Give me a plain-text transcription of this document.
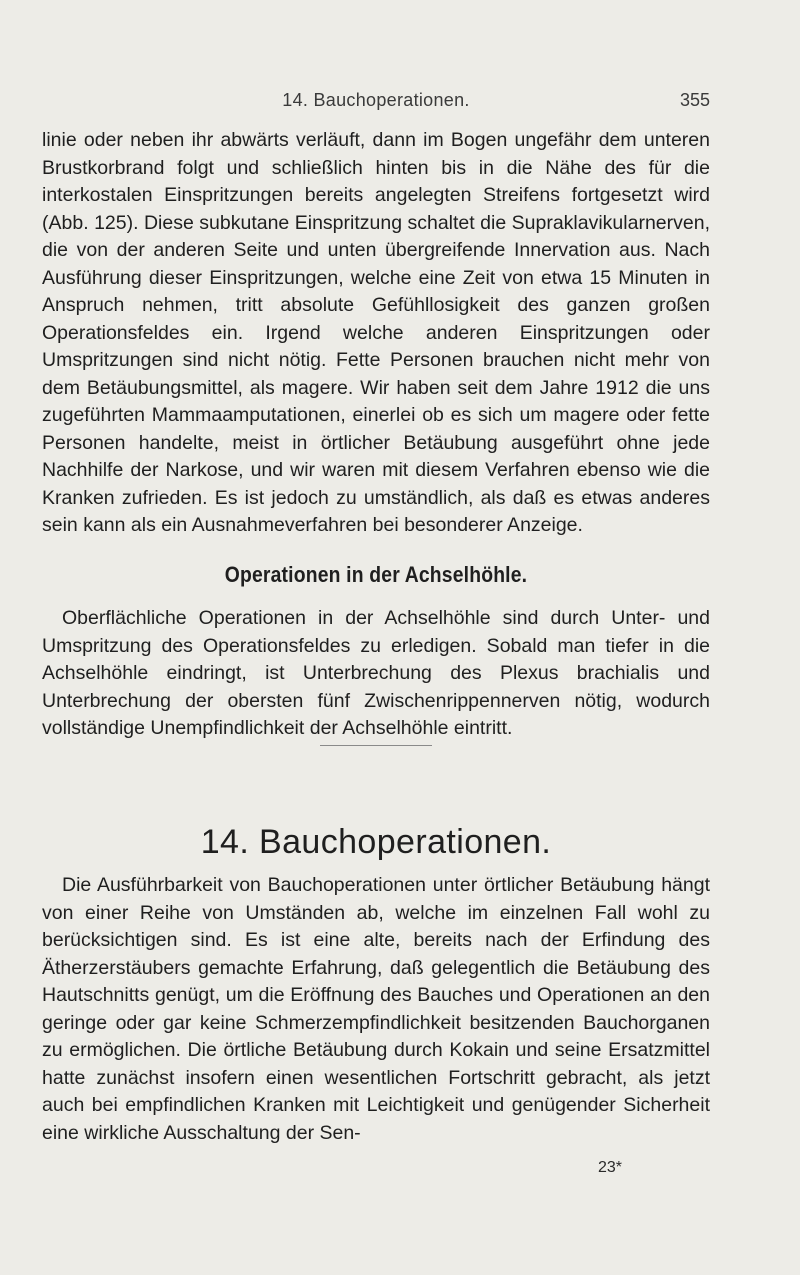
14. Bauchoperationen.	355

linie oder neben ihr abwärts verläuft, dann im Bogen ungefähr dem unteren Brustkorbrand folgt und schließlich hinten bis in die Nähe des für die interkostalen Einspritzungen bereits angelegten Streifens fortgesetzt wird (Abb. 125). Diese subkutane Einspritzung schaltet die Supraklavikularnerven, die von der anderen Seite und unten übergreifende Innervation aus. Nach Ausführung dieser Einspritzungen, welche eine Zeit von etwa 15 Minuten in Anspruch nehmen, tritt absolute Gefühllosigkeit des ganzen großen Operationsfeldes ein. Irgend welche anderen Einspritzungen oder Umspritzungen sind nicht nötig. Fette Personen brauchen nicht mehr von dem Betäubungsmittel, als magere. Wir haben seit dem Jahre 1912 die uns zugeführten Mammaamputationen, einerlei ob es sich um magere oder fette Personen handelte, meist in örtlicher Betäubung ausgeführt ohne jede Nachhilfe der Narkose, und wir waren mit diesem Verfahren ebenso wie die Kranken zufrieden. Es ist jedoch zu umständlich, als daß es etwas anderes sein kann als ein Ausnahmeverfahren bei besonderer Anzeige.

Operationen in der Achselhöhle.

Oberflächliche Operationen in der Achselhöhle sind durch Unter- und Umspritzung des Operationsfeldes zu erledigen. Sobald man tiefer in die Achselhöhle eindringt, ist Unterbrechung des Plexus brachialis und Unterbrechung der obersten fünf Zwischenrippennerven nötig, wodurch vollständige Unempfindlichkeit der Achselhöhle eintritt.

14. Bauchoperationen.

Die Ausführbarkeit von Bauchoperationen unter örtlicher Betäubung hängt von einer Reihe von Umständen ab, welche im einzelnen Fall wohl zu berücksichtigen sind. Es ist eine alte, bereits nach der Erfindung des Ätherzerstäubers gemachte Erfahrung, daß gelegentlich die Betäubung des Hautschnitts genügt, um die Eröffnung des Bauches und Operationen an den geringe oder gar keine Schmerzempfindlichkeit besitzenden Bauchorganen zu ermöglichen. Die örtliche Betäubung durch Kokain und seine Ersatzmittel hatte zunächst insofern einen wesentlichen Fortschritt gebracht, als jetzt auch bei empfindlichen Kranken mit Leichtigkeit und genügender Sicherheit eine wirkliche Ausschaltung der Sen-

23*
